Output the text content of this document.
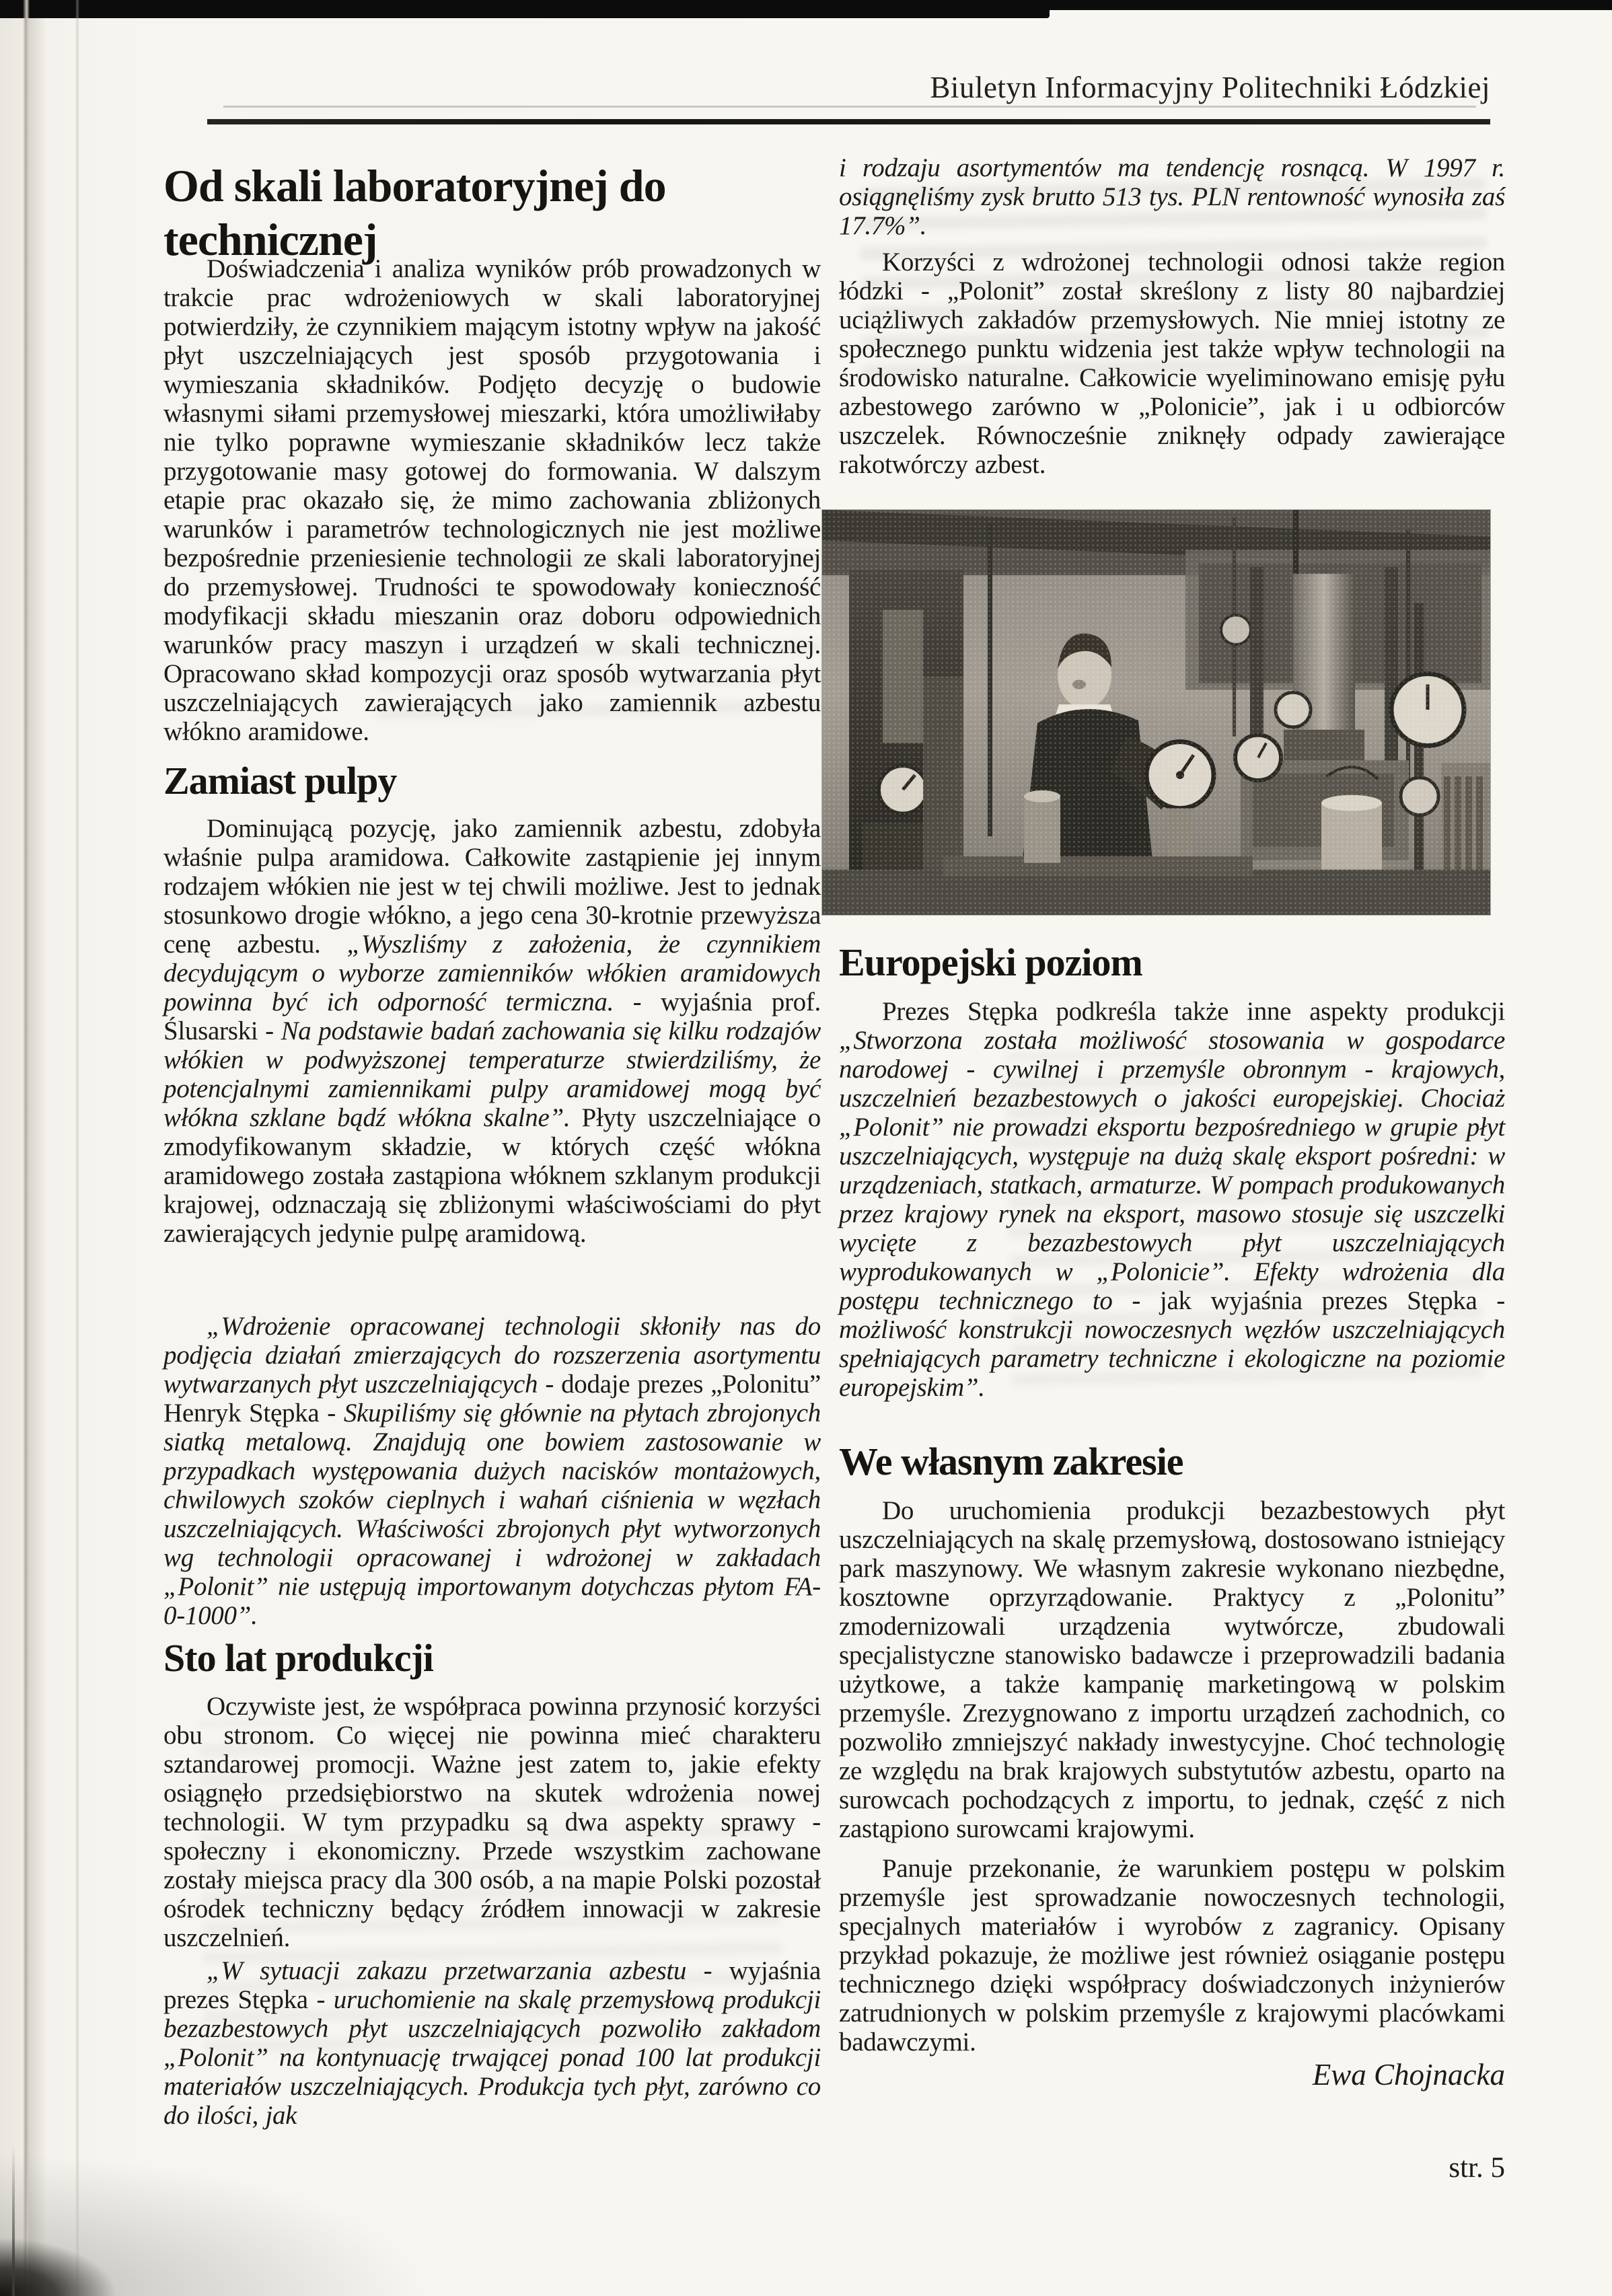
Biuletyn Informacyjny Politechniki Łódzkiej
Od skali laboratoryjnej do technicznej

Doświadczenia i analiza wyników prób prowadzonych w trakcie prac wdrożeniowych w skali laboratoryjnej potwierdziły, że czynnikiem mającym istotny wpływ na jakość płyt uszczelniających jest sposób przygotowania i wymieszania składników. Podjęto decyzję o budowie własnymi siłami przemysłowej mieszarki, która umożliwiłaby nie tylko poprawne wymieszanie składników lecz także przygotowanie masy gotowej do formowania. W dalszym etapie prac okazało się, że mimo zachowania zbliżonych warunków i parametrów technologicznych nie jest możliwe bezpośrednie przeniesienie technologii ze skali laboratoryjnej do przemysłowej. Trudności te spowodowały konieczność modyfikacji składu mieszanin oraz doboru odpowiednich warunków pracy maszyn i urządzeń w skali technicznej. Opracowano skład kompozycji oraz sposób wytwarzania płyt uszczelniających zawierających jako zamiennik azbestu włókno aramidowe.

Zamiast pulpy

Dominującą pozycję, jako zamiennik azbestu, zdobyła właśnie pulpa aramidowa. Całkowite zastąpienie jej innym rodzajem włókien nie jest w tej chwili możliwe. Jest to jednak stosunkowo drogie włókno, a jego cena 30-krotnie przewyższa cenę azbestu. „Wyszliśmy z założenia, że czynnikiem decydującym o wyborze zamienników włókien aramidowych powinna być ich odporność termiczna. - wyjaśnia prof. Ślusarski - Na podstawie badań zachowania się kilku rodzajów włókien w podwyższonej temperaturze stwierdziliśmy, że potencjalnymi zamiennikami pulpy aramidowej mogą być włókna szklane bądź włókna skalne”. Płyty uszczelniające o zmodyfikowanym składzie, w których część włókna aramidowego została zastąpiona włóknem szklanym produkcji krajowej, odznaczają się zbliżonymi właściwościami do płyt zawierających jedynie pulpę aramidową.

„Wdrożenie opracowanej technologii skłoniły nas do podjęcia działań zmierzających do rozszerzenia asortymentu wytwarzanych płyt uszczelniających - dodaje prezes „Polonitu” Henryk Stępka - Skupiliśmy się głównie na płytach zbrojonych siatką metalową. Znajdują one bowiem zastosowanie w przypadkach występowania dużych nacisków montażowych, chwilowych szoków cieplnych i wahań ciśnienia w węzłach uszczelniających. Właściwości zbrojonych płyt wytworzonych wg technologii opracowanej i wdrożonej w zakładach „Polonit” nie ustępują importowanym dotychczas płytom FA-0-1000”.

Sto lat produkcji

Oczywiste jest, że współpraca powinna przynosić korzyści obu stronom. Co więcej nie powinna mieć charakteru sztandarowej promocji. Ważne jest zatem to, jakie efekty osiągnęło przedsiębiorstwo na skutek wdrożenia nowej technologii. W tym przypadku są dwa aspekty sprawy - społeczny i ekonomiczny. Przede wszystkim zachowane zostały miejsca pracy dla 300 osób, a na mapie Polski pozostał ośrodek techniczny będący źródłem innowacji w zakresie uszczelnień.

„W sytuacji zakazu przetwarzania azbestu - wyjaśnia prezes Stępka - uruchomienie na skalę przemysłową produkcji bezazbestowych płyt uszczelniających pozwoliło zakładom „Polonit” na kontynuację trwającej ponad 100 lat produkcji materiałów uszczelniających. Produkcja tych płyt, zarówno co do ilości, jak

i rodzaju asortymentów ma tendencję rosnącą. W 1997 r. osiągnęliśmy zysk brutto 513 tys. PLN rentowność wynosiła zaś 17.7%”.

Korzyści z wdrożonej technologii odnosi także region łódzki - „Polonit” został skreślony z listy 80 najbardziej uciążliwych zakładów przemysłowych. Nie mniej istotny ze społecznego punktu widzenia jest także wpływ technologii na środowisko naturalne. Całkowicie wyeliminowano emisję pyłu azbestowego zarówno w „Polonicie”, jak i u odbiorców uszczelek. Równocześnie zniknęły odpady zawierające rakotwórczy azbest.

Europejski poziom

Prezes Stępka podkreśla także inne aspekty produkcji „Stworzona została możliwość stosowania w gospodarce narodowej - cywilnej i przemyśle obronnym - krajowych, uszczelnień bezazbestowych o jakości europejskiej. Chociaż „Polonit” nie prowadzi eksportu bezpośredniego w grupie płyt uszczelniających, występuje na dużą skalę eksport pośredni: w urządzeniach, statkach, armaturze. W pompach produkowanych przez krajowy rynek na eksport, masowo stosuje się uszczelki wycięte z bezazbestowych płyt uszczelniających wyprodukowanych w „Polonicie”. Efekty wdrożenia dla postępu technicznego to - jak wyjaśnia prezes Stępka - możliwość konstrukcji nowoczesnych węzłów uszczelniających spełniających parametry techniczne i ekologiczne na poziomie europejskim”.

We własnym zakresie

Do uruchomienia produkcji bezazbestowych płyt uszczelniających na skalę przemysłową, dostosowano istniejący park maszynowy. We własnym zakresie wykonano niezbędne, kosztowne oprzyrządowanie. Praktycy z „Polonitu” zmodernizowali urządzenia wytwórcze, zbudowali specjalistyczne stanowisko badawcze i przeprowadzili badania użytkowe, a także kampanię marketingową w polskim przemyśle. Zrezygnowano z importu urządzeń zachodnich, co pozwoliło zmniejszyć nakłady inwestycyjne. Choć technologię ze względu na brak krajowych substytutów azbestu, oparto na surowcach pochodzących z importu, to jednak, część z nich zastąpiono surowcami krajowymi.

Panuje przekonanie, że warunkiem postępu w polskim przemyśle jest sprowadzanie nowoczesnych technologii, specjalnych materiałów i wyrobów z zagranicy. Opisany przykład pokazuje, że możliwe jest również osiąganie postępu technicznego dzięki współpracy doświadczonych inżynierów zatrudnionych w polskim przemyśle z krajowymi placówkami badawczymi.

Ewa Chojnacka
str. 5
